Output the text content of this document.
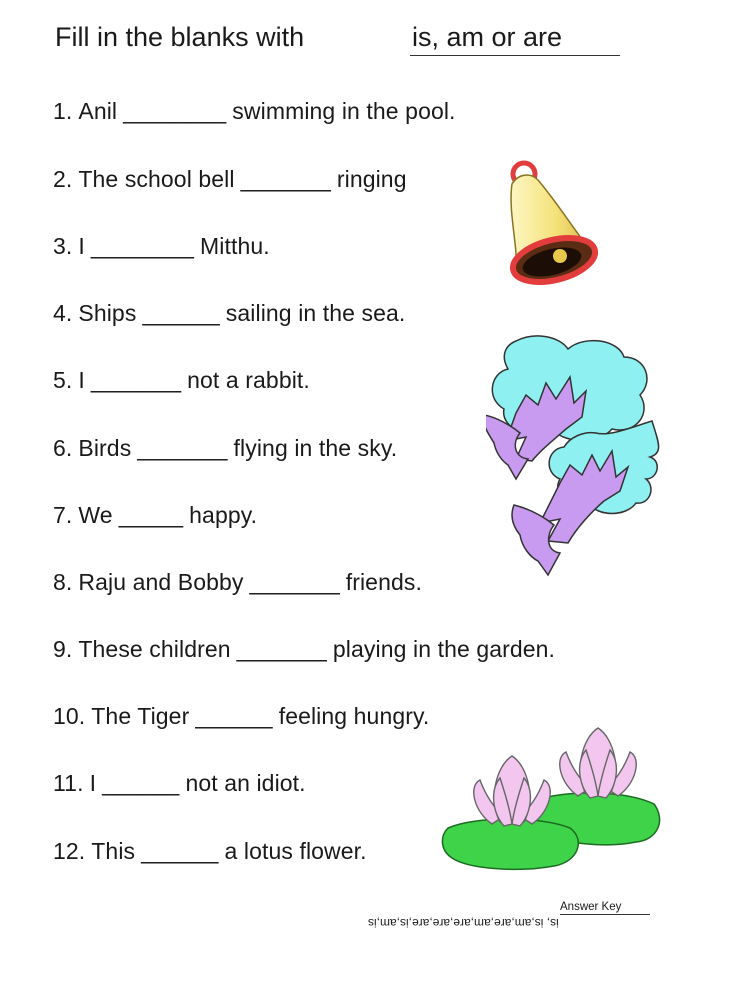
Fill in the blanks with	is, am or are
1. Anil ________ swimming in the pool.
2. The school bell _______ ringing
3. I ________ Mitthu.
4. Ships ______ sailing in the sea.
5. I _______ not a rabbit.
6. Birds _______ flying in the sky.
7. We _____ happy.
8. Raju and Bobby _______ friends.
9. These children _______ playing in the garden.
10. The Tiger ______ feeling hungry.
11. I ______ not an idiot.
12. This ______ a lotus flower.
Answer Key
is, is,am,are,am,are,are,are,is,am,is
